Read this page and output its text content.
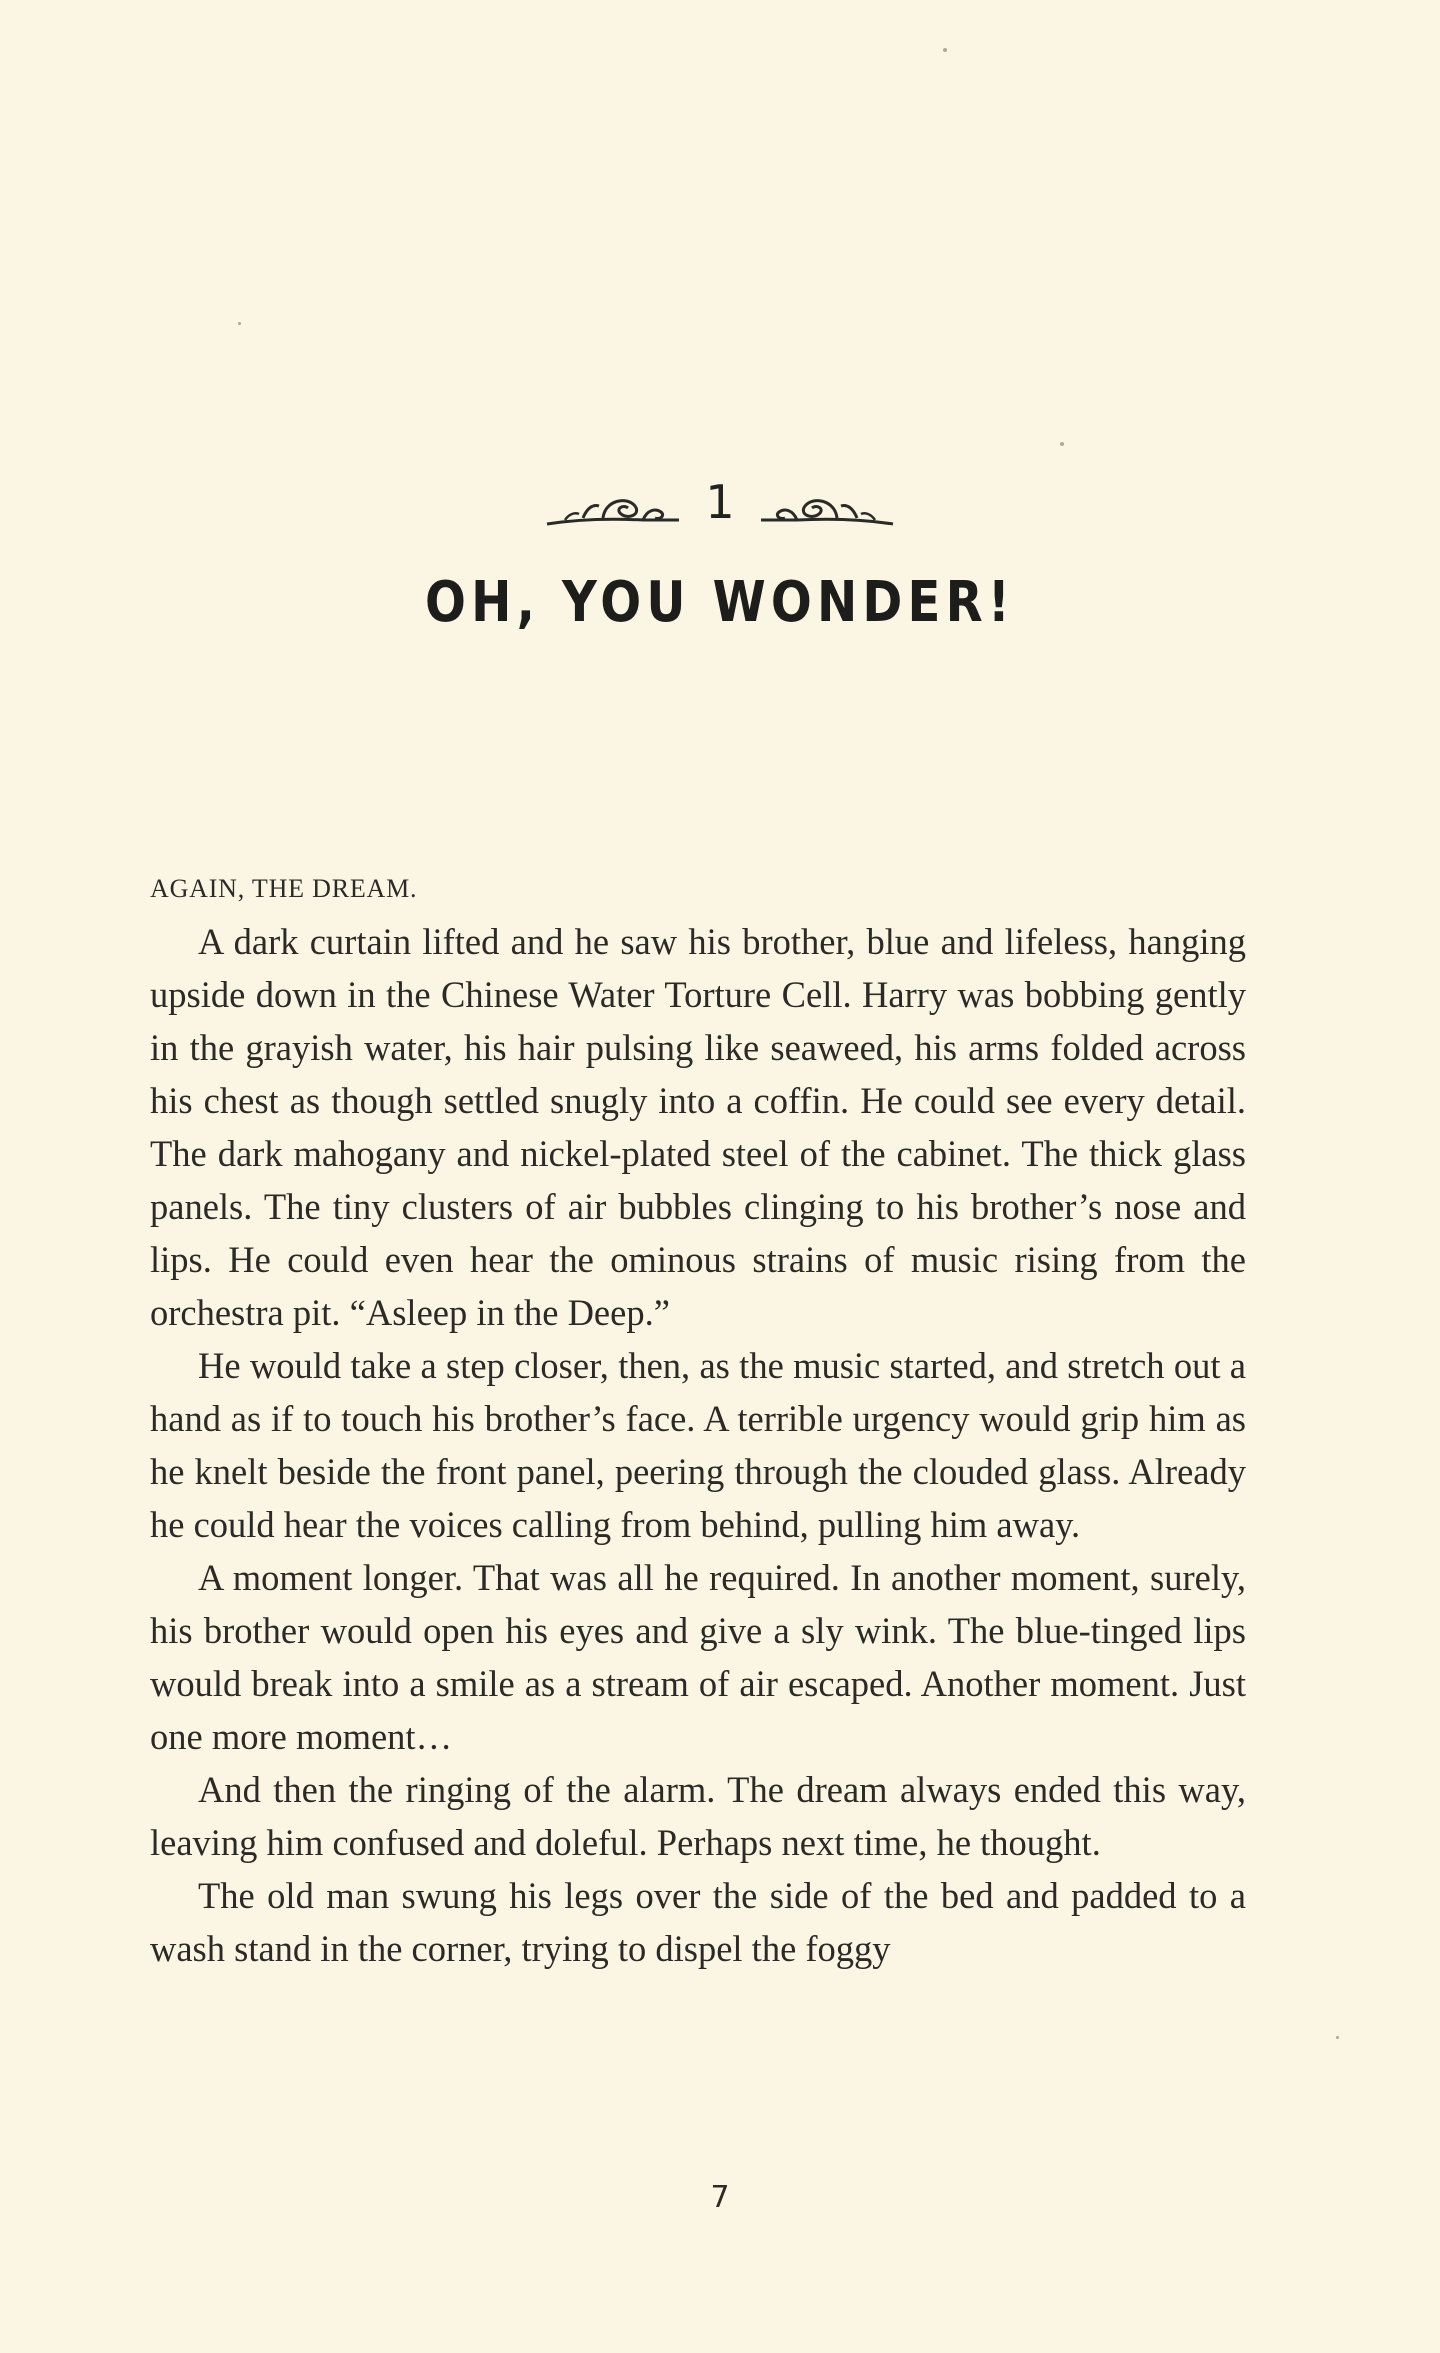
1
OH, YOU WONDER!

AGAIN, THE DREAM.

A dark curtain lifted and he saw his brother, blue and lifeless, hanging upside down in the Chinese Water Torture Cell. Harry was bobbing gently in the grayish water, his hair pulsing like seaweed, his arms folded across his chest as though settled snugly into a coffin. He could see every detail. The dark mahogany and nickel-plated steel of the cabinet. The thick glass panels. The tiny clusters of air bubbles clinging to his brother’s nose and lips. He could even hear the ominous strains of music rising from the orchestra pit. “Asleep in the Deep.”

He would take a step closer, then, as the music started, and stretch out a hand as if to touch his brother’s face. A terrible urgency would grip him as he knelt beside the front panel, peering through the clouded glass. Already he could hear the voices calling from behind, pulling him away.

A moment longer. That was all he required. In another moment, surely, his brother would open his eyes and give a sly wink. The blue-tinged lips would break into a smile as a stream of air escaped. Another moment. Just one more moment…

And then the ringing of the alarm. The dream always ended this way, leaving him confused and doleful. Perhaps next time, he thought.

The old man swung his legs over the side of the bed and padded to a wash stand in the corner, trying to dispel the foggy

7
